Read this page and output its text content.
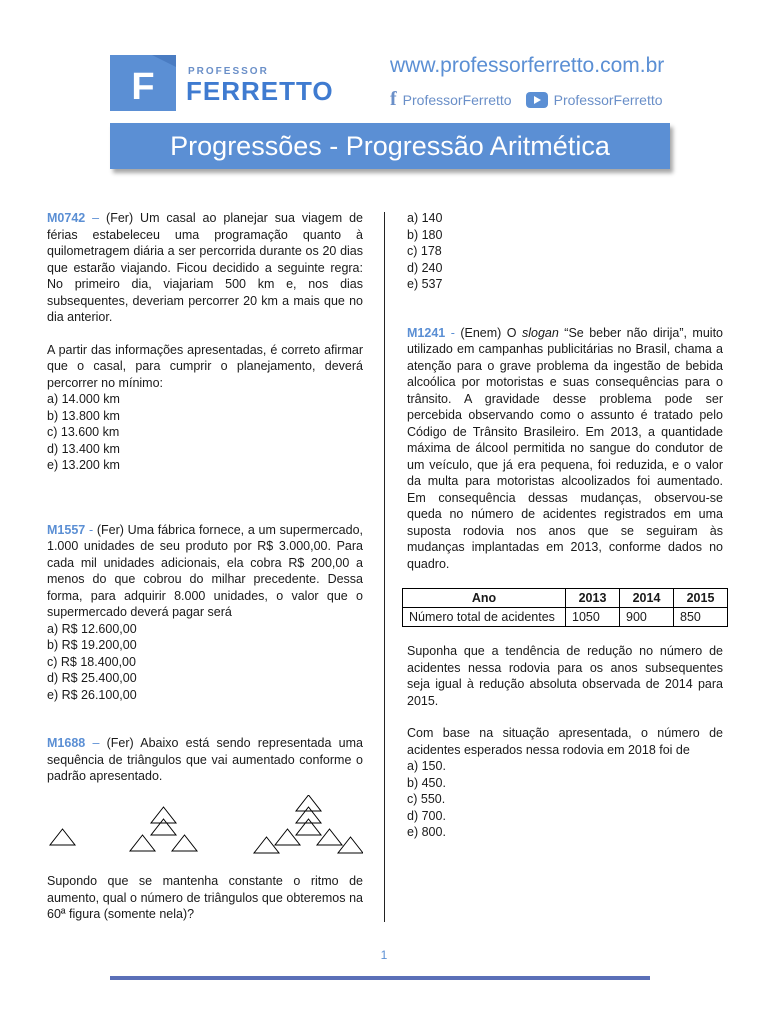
F	PROFESSOR
FERRETTO
www.professorferretto.com.br
f ProfessorFerretto	ProfessorFerretto
Progressões - Progressão Aritmética

M0742 – (Fer) Um casal ao planejar sua viagem de férias estabeleceu uma programação quanto à quilometragem diária a ser percorrida durante os 20 dias que estarão viajando. Ficou decidido a seguinte regra: No primeiro dia, viajariam 500 km e, nos dias subsequentes, deveriam percorrer 20 km a mais que no dia anterior.

A partir das informações apresentadas, é correto afirmar que o casal, para cumprir o planejamento, deverá percorrer no mínimo:

a) 14.000 km
b) 13.800 km
c) 13.600 km
d) 13.400 km
e) 13.200 km

M1557 - (Fer) Uma fábrica fornece, a um supermercado, 1.000 unidades de seu produto por R$ 3.000,00. Para cada mil unidades adicionais, ela cobra R$ 200,00 a menos do que cobrou do milhar precedente. Dessa forma, para adquirir 8.000 unidades, o valor que o supermercado deverá pagar será

a) R$ 12.600,00
b) R$ 19.200,00
c) R$ 18.400,00
d) R$ 25.400,00
e) R$ 26.100,00

M1688 – (Fer) Abaixo está sendo representada uma sequência de triângulos que vai aumentado conforme o padrão apresentado.

Supondo que se mantenha constante o ritmo de aumento, qual o número de triângulos que obteremos na 60ª figura (somente nela)?

a) 140
b) 180
c) 178
d) 240
e) 537

M1241 - (Enem) O slogan “Se beber não dirija”, muito utilizado em campanhas publicitárias no Brasil, chama a atenção para o grave problema da ingestão de bebida alcoólica por motoristas e suas consequências para o trânsito. A gravidade desse problema pode ser percebida observando como o assunto é tratado pelo Código de Trânsito Brasileiro. Em 2013, a quantidade máxima de álcool permitida no sangue do condutor de um veículo, que já era pequena, foi reduzida, e o valor da multa para motoristas alcoolizados foi aumentado. Em consequência dessas mudanças, observou-se queda no número de acidentes registrados em uma suposta rodovia nos anos que se seguiram às mudanças implantadas em 2013, conforme dados no quadro.

Ano	2013	2014	2015
Número total de acidentes	1050	900	850

Suponha que a tendência de redução no número de acidentes nessa rodovia para os anos subsequentes seja igual à redução absoluta observada de 2014 para 2015.

Com base na situação apresentada, o número de acidentes esperados nessa rodovia em 2018 foi de

a) 150.
b) 450.
c) 550.
d) 700.
e) 800.
1
